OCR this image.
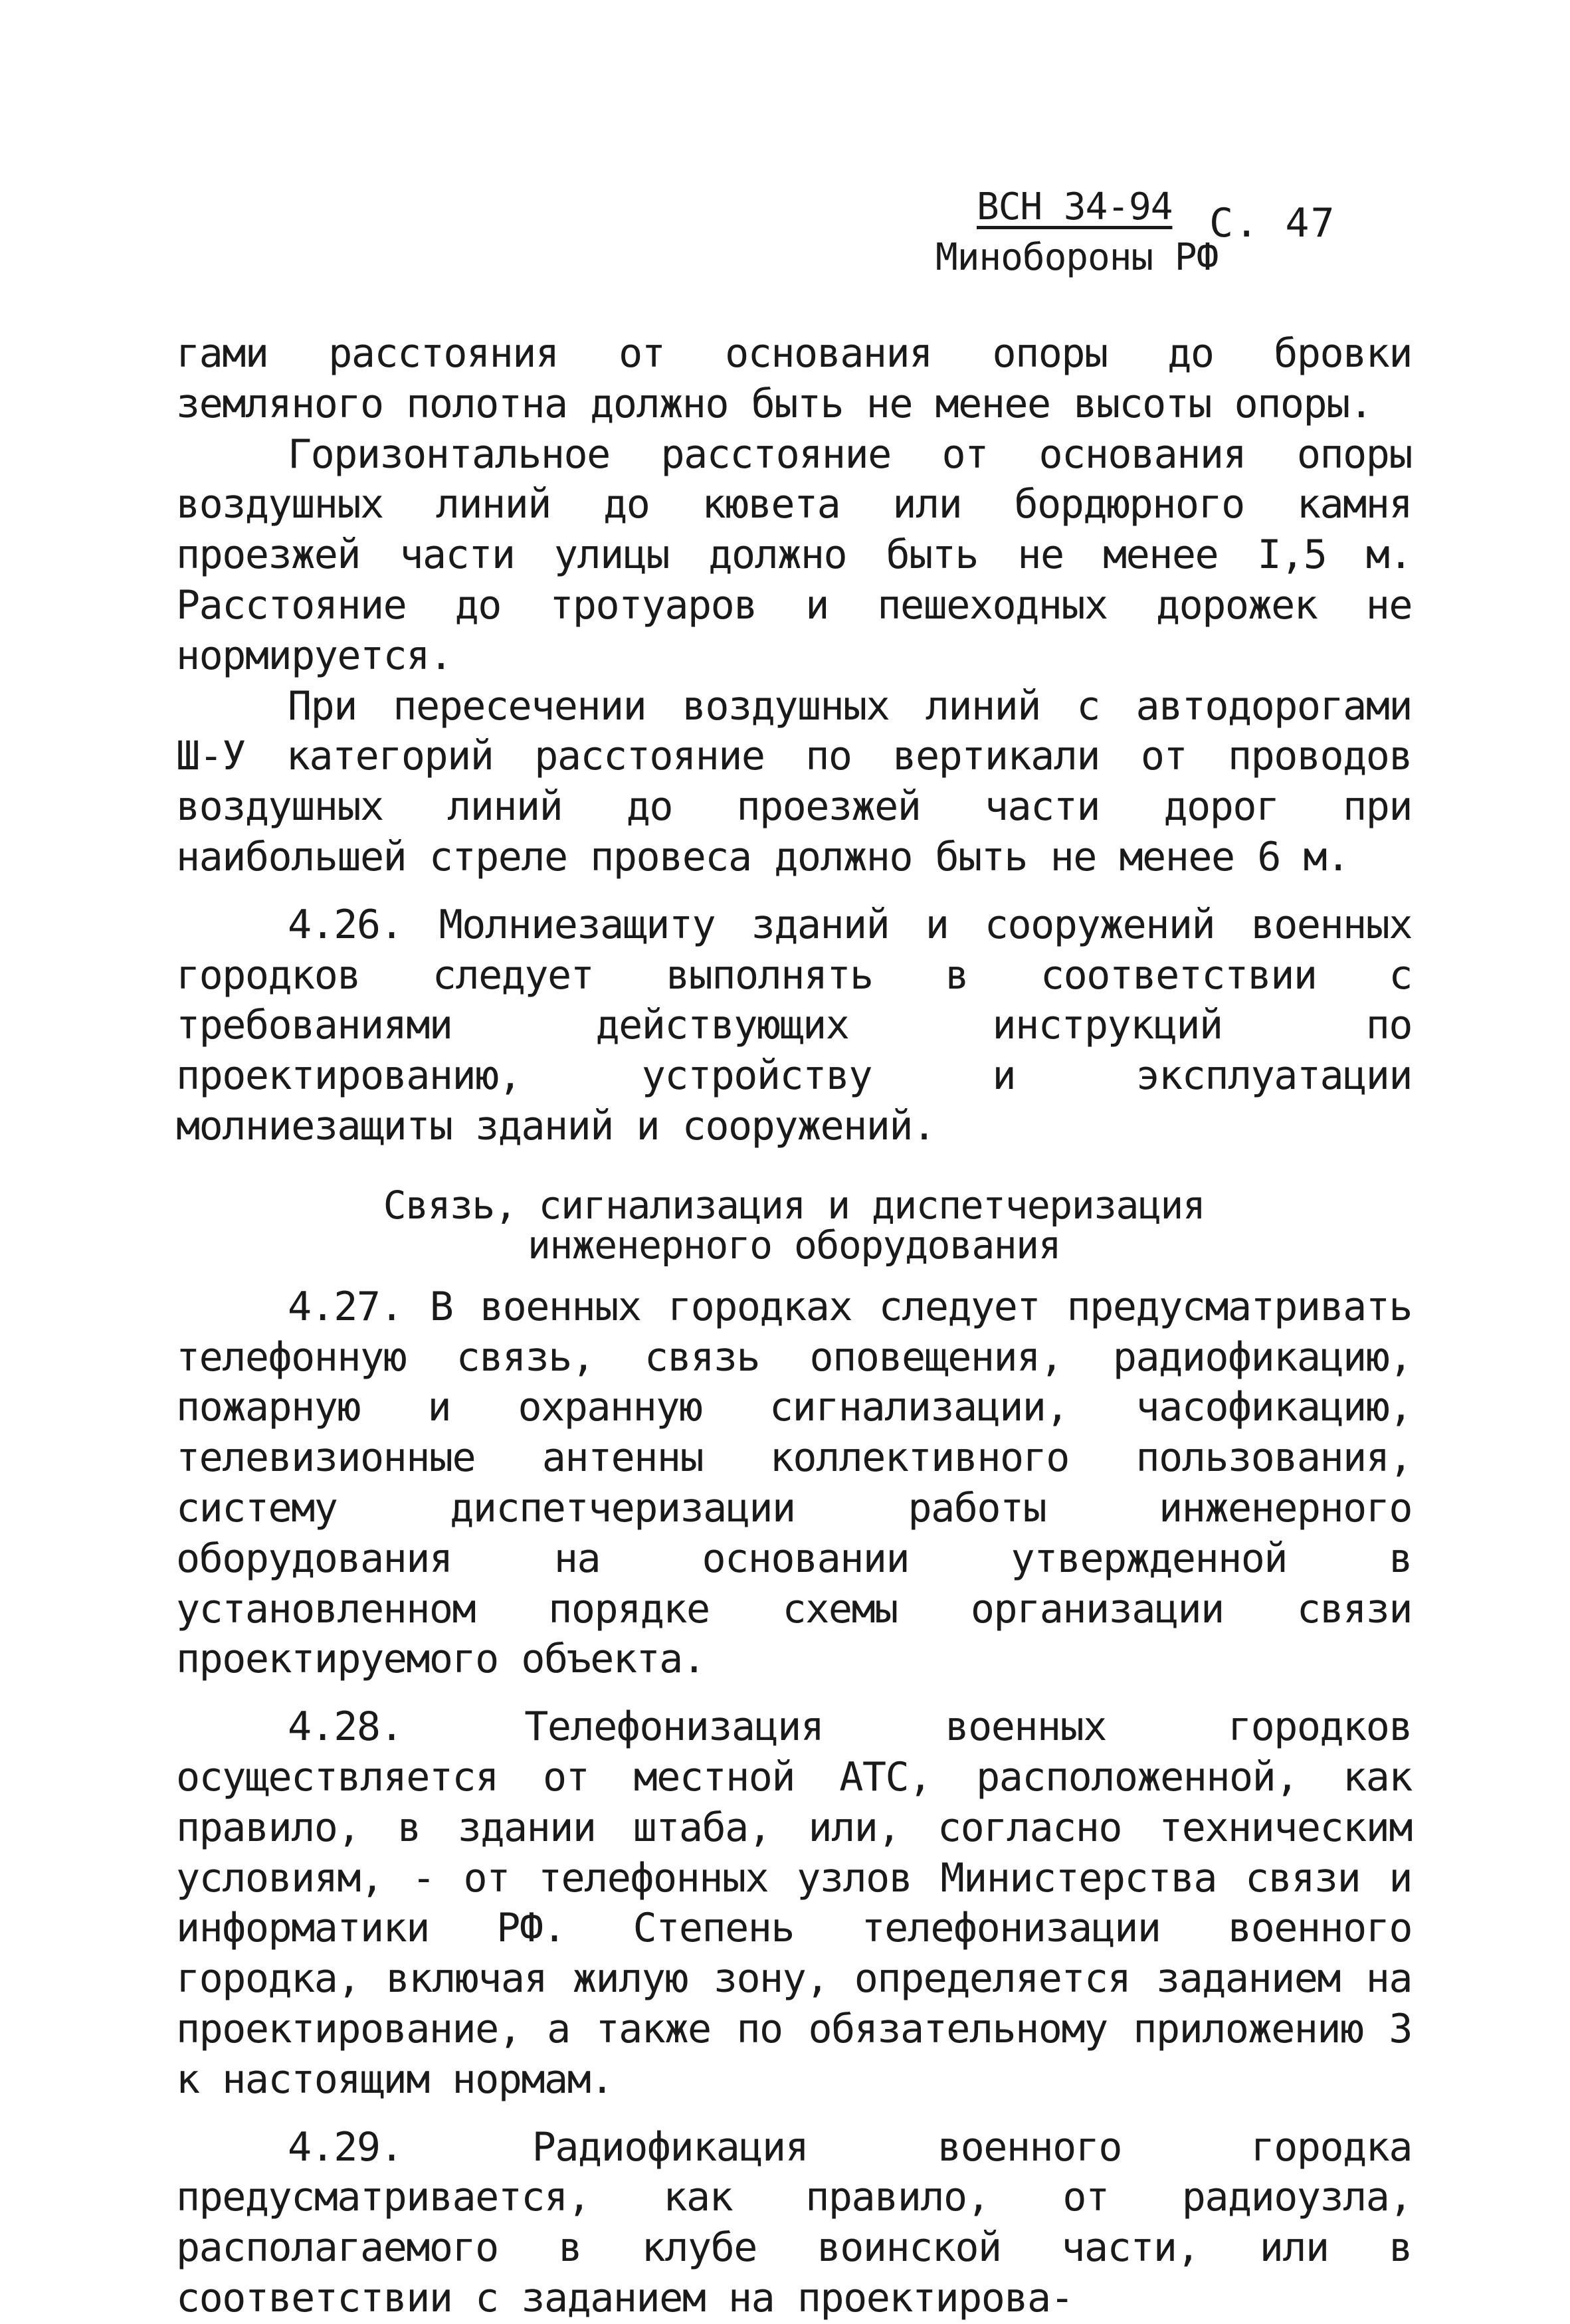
ВСН 34-94 С. 47
Минобороны РФ

гами расстояния от основания опоры до бровки земляного полотна должно быть не менее высоты опоры.

Горизонтальное расстояние от основания опоры воздушных линий до кювета или бордюрного камня проезжей части улицы должно быть не менее I,5 м. Расстояние до тротуаров и пешеходных дорожек не нормируется.

При пересечении воздушных линий с автодорогами Ш-У категорий расстояние по вертикали от проводов воздушных линий до проезжей части дорог при наибольшей стреле провеса должно быть не менее 6 м.

4.26. Молниезащиту зданий и сооружений военных городков следует выполнять в соответствии с требованиями действующих инструкций по проектированию, устройству и эксплуатации молниезащиты зданий и сооружений.

Связь, сигнализация и диспетчеризация

инженерного оборудования

4.27. В военных городках следует предусматривать телефонную связь, связь оповещения, радиофикацию, пожарную и охранную сигнализации, часофикацию, телевизионные антенны коллективного пользования, систему диспетчеризации работы инженерного оборудования на основании утвержденной в установленном порядке схемы организации связи проектируемого объекта.

4.28. Телефонизация военных городков осуществляется от местной АТС, расположенной, как правило, в здании штаба, или, согласно техническим условиям, - от телефонных узлов Министерства связи и информатики РФ. Степень телефонизации военного городка, включая жилую зону, определяется заданием на проектирование, а также по обязательному приложению 3 к настоящим нормам.

4.29. Радиофикация военного городка предусматривается, как правило, от радиоузла, располагаемого в клубе воинской части, или в соответствии с заданием на проектирова-
